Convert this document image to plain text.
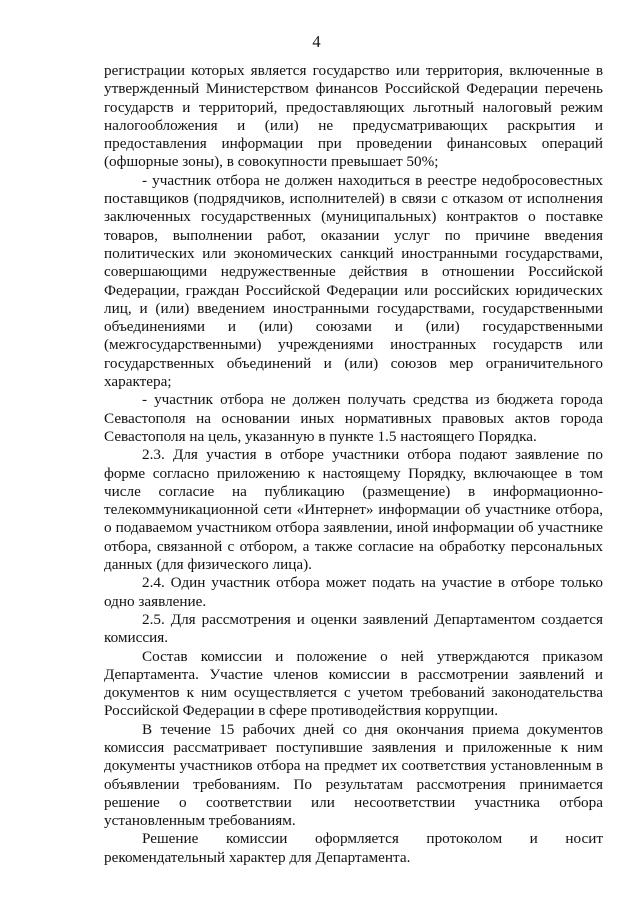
4

регистрации которых является государство или территория, включенные в утвержденный Министерством финансов Российской Федерации перечень государств и территорий, предоставляющих льготный налоговый режим налогообложения и (или) не предусматривающих раскрытия и предоставления информации при проведении финансовых операций (офшорные зоны), в совокупности превышает 50%;

- участник отбора не должен находиться в реестре недобросовестных поставщиков (подрядчиков, исполнителей) в связи с отказом от исполнения заключенных государственных (муниципальных) контрактов о поставке товаров, выполнении работ, оказании услуг по причине введения политических или экономических санкций иностранными государствами, совершающими недружественные действия в отношении Российской Федерации, граждан Российской Федерации или российских юридических лиц, и (или) введением иностранными государствами, государственными объединениями и (или) союзами и (или) государственными (межгосударственными) учреждениями иностранных государств или государственных объединений и (или) союзов мер ограничительного характера;

- участник отбора не должен получать средства из бюджета города Севастополя на основании иных нормативных правовых актов города Севастополя на цель, указанную в пункте 1.5 настоящего Порядка.

2.3. Для участия в отборе участники отбора подают заявление по форме согласно приложению к настоящему Порядку, включающее в том числе согласие на публикацию (размещение) в информационно-телекоммуникационной сети «Интернет» информации об участнике отбора, о подаваемом участником отбора заявлении, иной информации об участнике отбора, связанной с отбором, а также согласие на обработку персональных данных (для физического лица).

2.4. Один участник отбора может подать на участие в отборе только одно заявление.

2.5. Для рассмотрения и оценки заявлений Департаментом создается комиссия.

Состав комиссии и положение о ней утверждаются приказом Департамента. Участие членов комиссии в рассмотрении заявлений и документов к ним осуществляется с учетом требований законодательства Российской Федерации в сфере противодействия коррупции.

В течение 15 рабочих дней со дня окончания приема документов комиссия рассматривает поступившие заявления и приложенные к ним документы участников отбора на предмет их соответствия установленным в объявлении требованиям. По результатам рассмотрения принимается решение о соответствии или несоответствии участника отбора установленным требованиям.

Решение комиссии оформляется протоколом и носит рекомендательный характер для Департамента.
